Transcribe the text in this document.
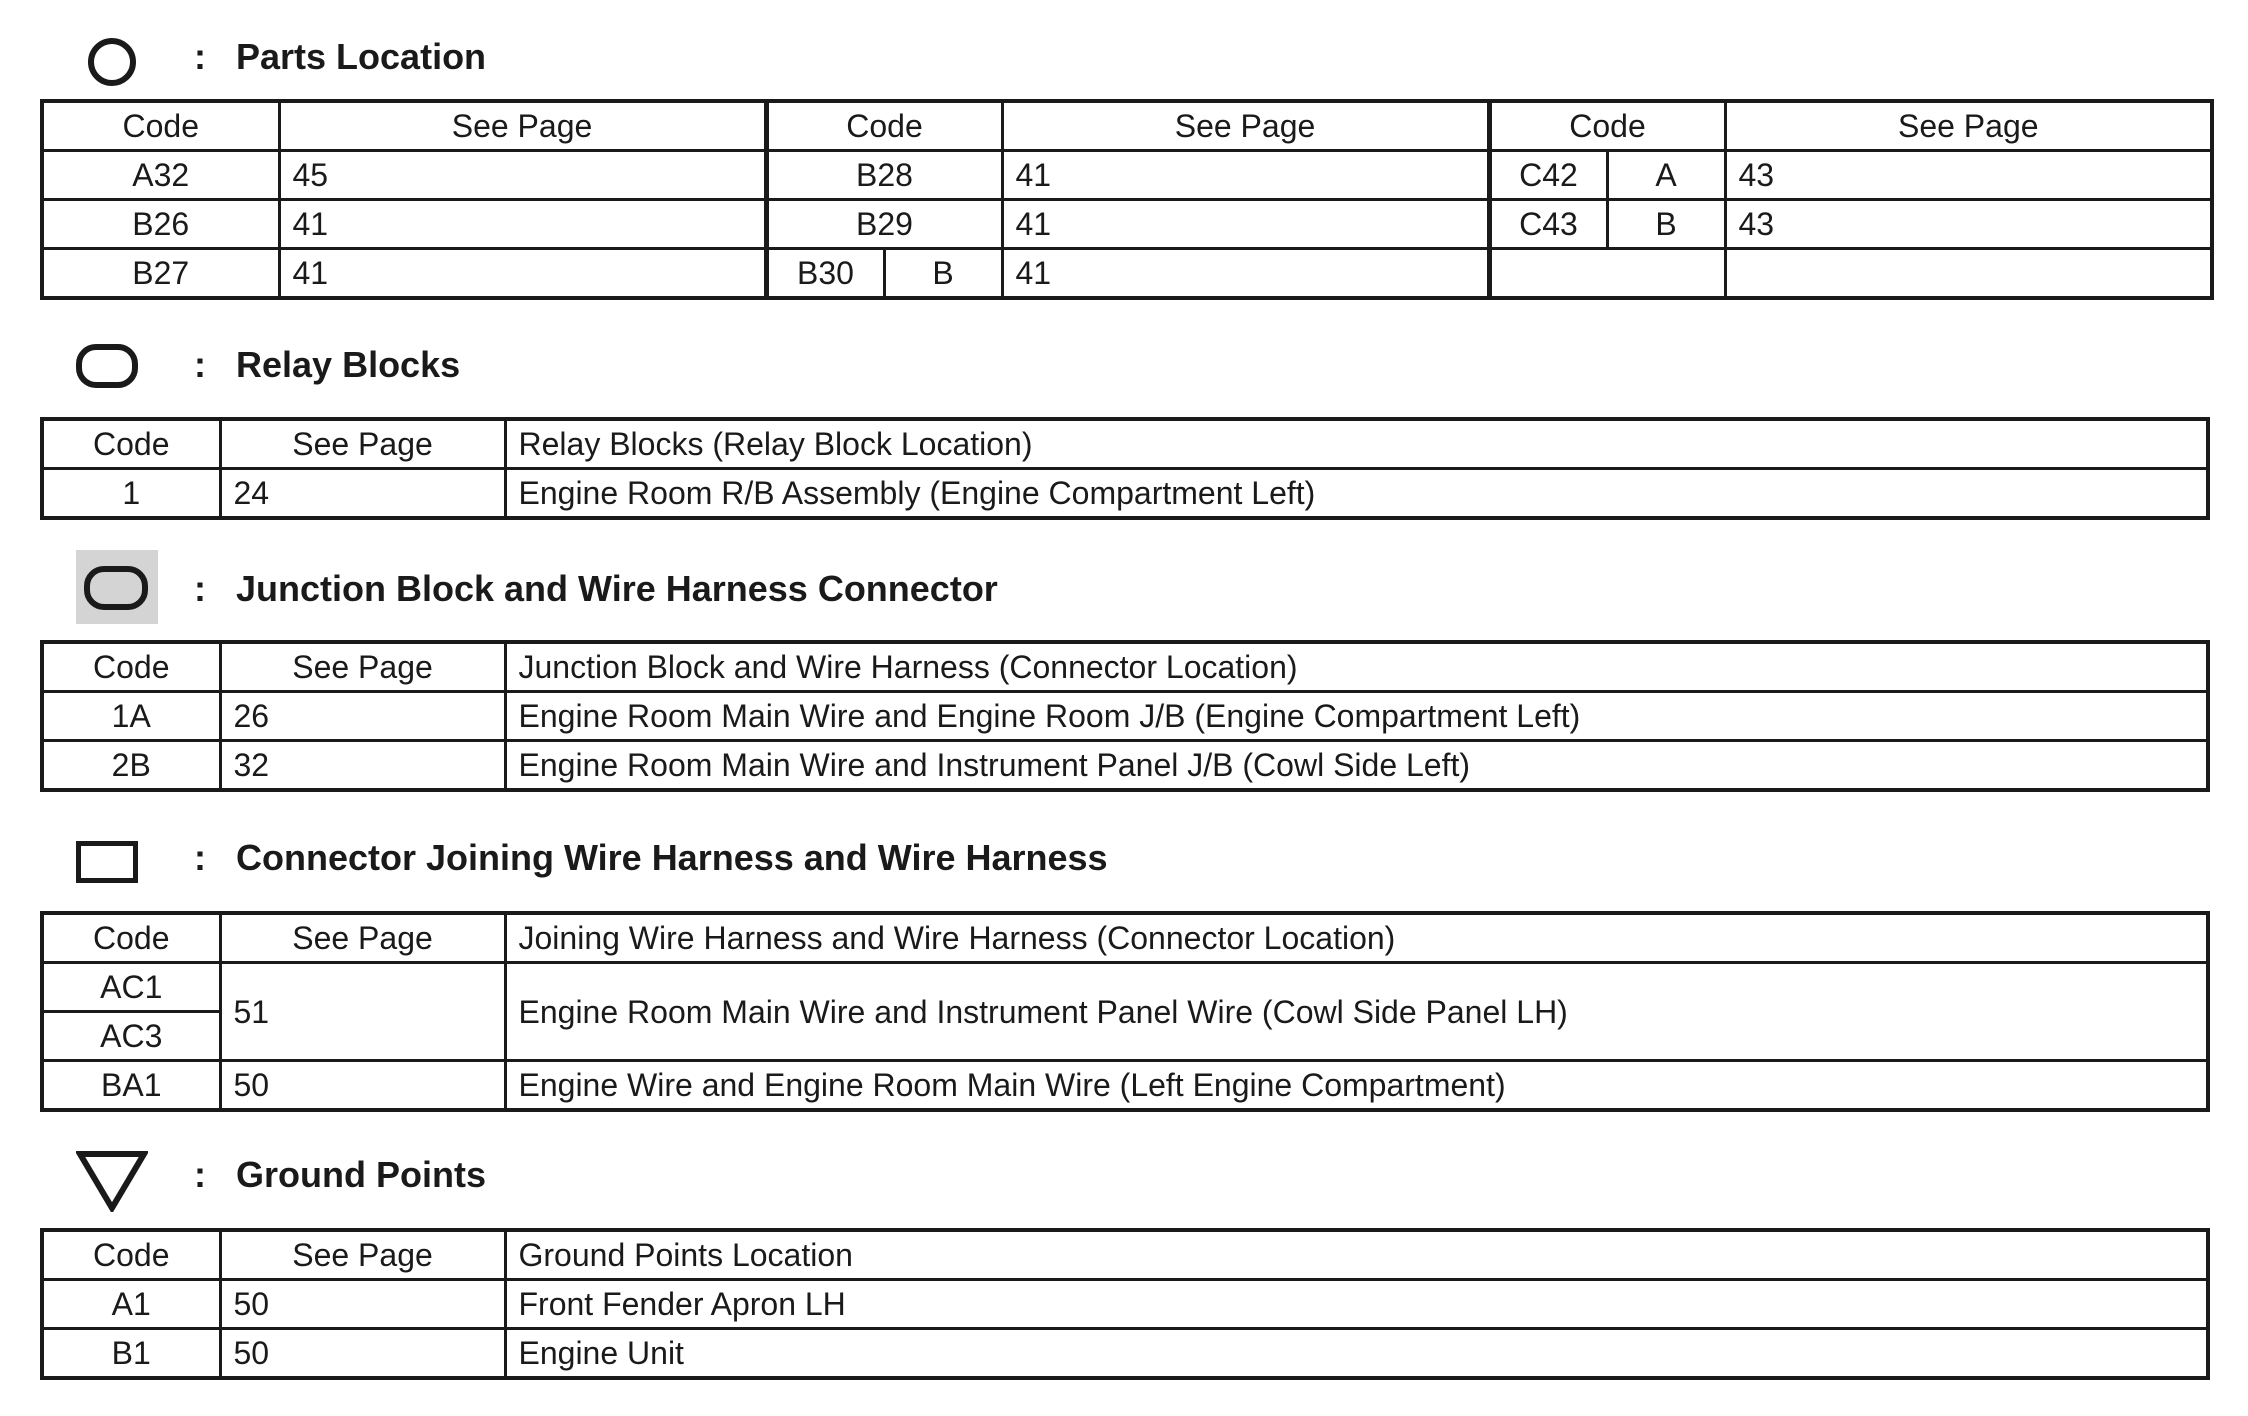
: Parts Location
Code	See Page	Code		See Page	Code		See Page
A32	45	B28		41	C42	A	43
B26	41	B29		41	C43	B	43
B27	41	B30	B	41			
: Relay Blocks
Code	See Page	Relay Blocks (Relay Block Location)
1	24	Engine Room R/B Assembly (Engine Compartment Left)
: Junction Block and Wire Harness Connector
Code	See Page	Junction Block and Wire Harness (Connector Location)
1A	26	Engine Room Main Wire and Engine Room J/B (Engine Compartment Left)
2B	32	Engine Room Main Wire and Instrument Panel J/B (Cowl Side Left)
: Connector Joining Wire Harness and Wire Harness
Code	See Page	Joining Wire Harness and Wire Harness (Connector Location)
AC1	51	Engine Room Main Wire and Instrument Panel Wire (Cowl Side Panel LH)
AC3		
BA1	50	Engine Wire and Engine Room Main Wire (Left Engine Compartment)
: Ground Points
Code	See Page	Ground Points Location
A1	50	Front Fender Apron LH
B1	50	Engine Unit
